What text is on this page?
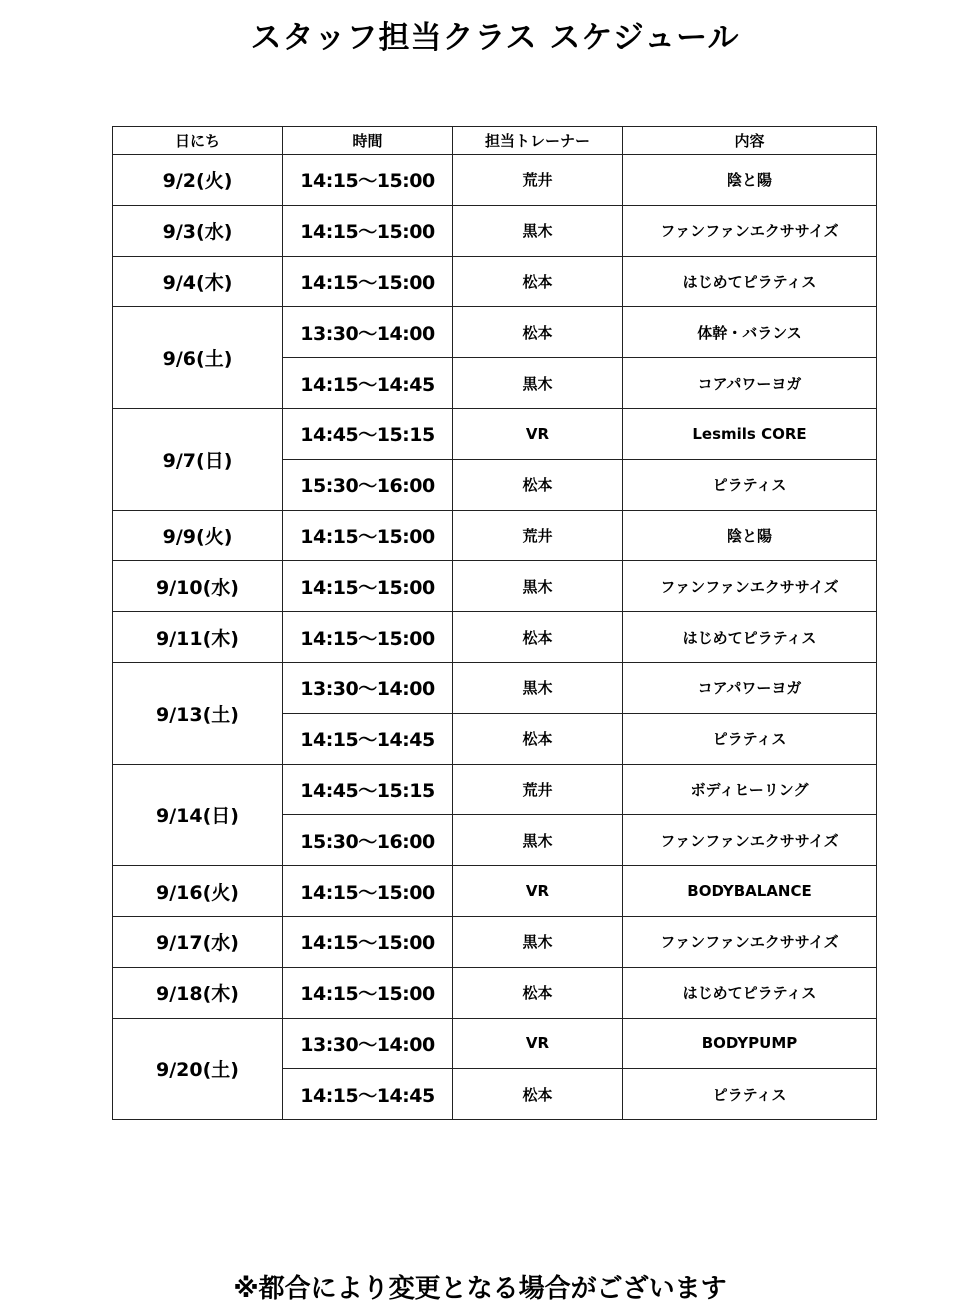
スタッフ担当クラス スケジュール
日にち	時間	担当トレーナー	内容
9/2(火)	14:15〜15:00	荒井	陰と陽
9/3(水)	14:15〜15:00	黒木	ファンファンエクササイズ
9/4(木)	14:15〜15:00	松本	はじめてピラティス
9/6(土)	13:30〜14:00	松本	体幹・バランス
	14:15〜14:45	黒木	コアパワーヨガ
9/7(日)	14:45〜15:15	VR	Lesmils CORE
	15:30〜16:00	松本	ピラティス
9/9(火)	14:15〜15:00	荒井	陰と陽
9/10(水)	14:15〜15:00	黒木	ファンファンエクササイズ
9/11(木)	14:15〜15:00	松本	はじめてピラティス
9/13(土)	13:30〜14:00	黒木	コアパワーヨガ
	14:15〜14:45	松本	ピラティス
9/14(日)	14:45〜15:15	荒井	ボディヒーリング
	15:30〜16:00	黒木	ファンファンエクササイズ
9/16(火)	14:15〜15:00	VR	BODYBALANCE
9/17(水)	14:15〜15:00	黒木	ファンファンエクササイズ
9/18(木)	14:15〜15:00	松本	はじめてピラティス
9/20(土)	13:30〜14:00	VR	BODYPUMP
	14:15〜14:45	松本	ピラティス
※都合により変更となる場合がございます
